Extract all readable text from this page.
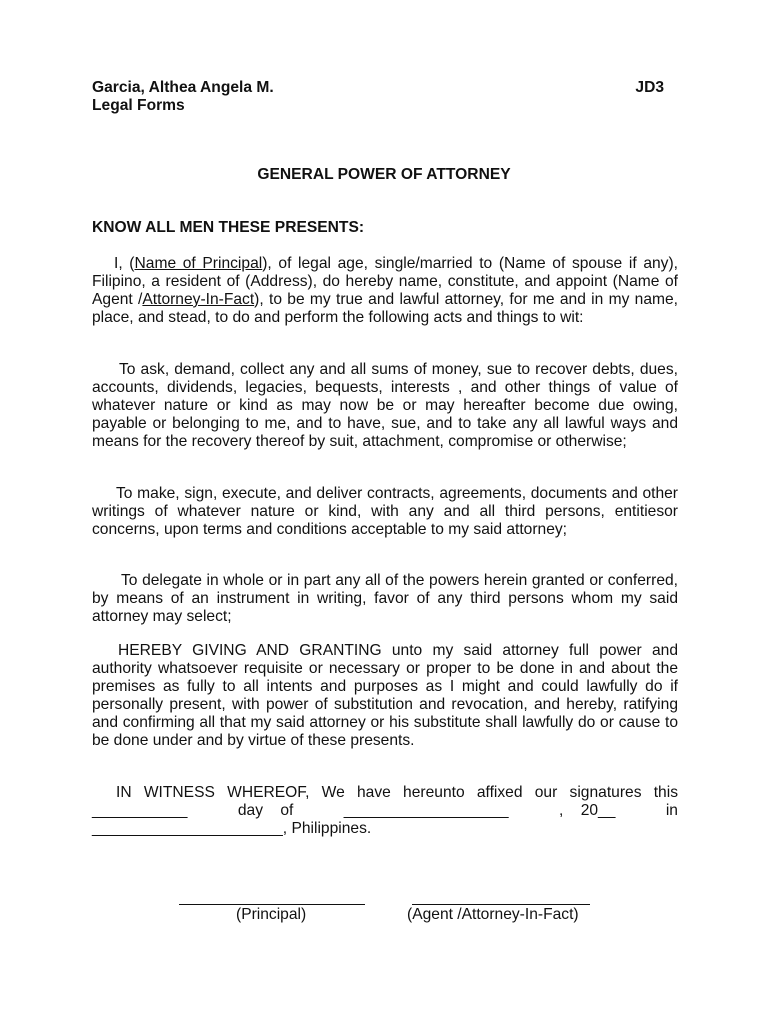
Garcia, Althea Angela M.	JD3
Legal Forms
GENERAL POWER OF ATTORNEY
KNOW ALL MEN THESE PRESENTS:

I, (Name of Principal), of legal age, single/married to (Name of spouse if any), Filipino, a resident of (Address), do hereby name, constitute, and appoint (Name of Agent /Attorney-In-Fact), to be my true and lawful attorney, for me and in my name, place, and stead, to do and perform the following acts and things to wit:

To ask, demand, collect any and all sums of money, sue to recover debts, dues, accounts, dividends, legacies, bequests, interests , and other things of value of whatever nature or kind as may now be or may hereafter become due owing, payable or belonging to me, and to have, sue, and to take any all lawful ways and means for the recovery thereof by suit, attachment, compromise or otherwise;

To make, sign, execute, and deliver contracts, agreements, documents and other writings of whatever nature or kind, with any and all third persons, entitiesor concerns, upon terms and conditions acceptable to my said attorney;

To delegate in whole or in part any all of the powers herein granted or conferred, by means of an instrument in writing, favor of any third persons whom my said attorney may select;

HEREBY GIVING AND GRANTING unto my said attorney full power and authority whatsoever requisite or necessary or proper to be done in and about the premises as fully to all intents and purposes as I might and could lawfully do if personally present, with power of substitution and revocation, and hereby, ratifying and confirming all that my said attorney or his substitute shall lawfully do or cause to be done under and by virtue of these presents.

IN WITNESS WHEREOF, We have hereunto affixed our signatures this

___________	day    of	___________________	,    20__	in

______________________, Philippines.

(Principal)	(Agent /Attorney-In-Fact)
